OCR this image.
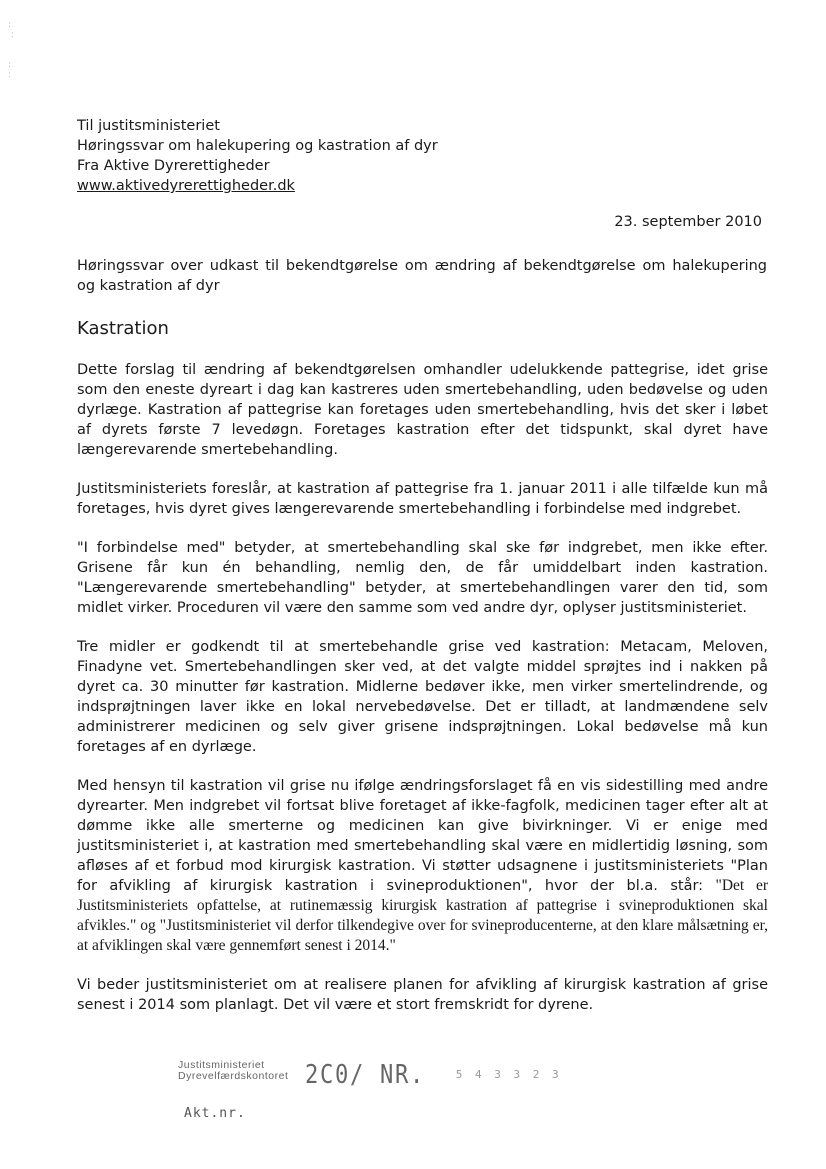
:
:

:
:
Til justitsministeriet
Høringssvar om halekupering og kastration af dyr
Fra Aktive Dyrerettigheder
www.aktivedyrerettigheder.dk
23. september 2010
Høringssvar over udkast til bekendtgørelse om ændring af bekendtgørelse om halekupering og kastration af dyr
Kastration

Dette forslag til ændring af bekendtgørelsen omhandler udelukkende pattegrise, idet grise som den eneste dyreart i dag kan kastreres uden smertebehandling, uden bedøvelse og uden dyrlæge. Kastration af pattegrise kan foretages uden smertebehandling, hvis det sker i løbet af dyrets første 7 levedøgn. Foretages kastration efter det tidspunkt, skal dyret have længerevarende smertebehandling.

Justitsministeriets foreslår, at kastration af pattegrise fra 1. januar 2011 i alle tilfælde kun må foretages, hvis dyret gives længerevarende smertebehandling i forbindelse med indgrebet.

"I forbindelse med" betyder, at smertebehandling skal ske før indgrebet, men ikke efter. Grisene får kun én behandling, nemlig den, de får umiddelbart inden kastration. "Længerevarende smertebehandling" betyder, at smertebehandlingen varer den tid, som midlet virker. Proceduren vil være den samme som ved andre dyr, oplyser justitsministeriet.

Tre midler er godkendt til at smertebehandle grise ved kastration: Metacam, Meloven, Finadyne vet. Smertebehandlingen sker ved, at det valgte middel sprøjtes ind i nakken på dyret ca. 30 minutter før kastration. Midlerne bedøver ikke, men virker smertelindrende, og indsprøjtningen laver ikke en lokal nervebedøvelse. Det er tilladt, at landmændene selv administrerer medicinen og selv giver grisene indsprøjtningen. Lokal bedøvelse må kun foretages af en dyrlæge.

Med hensyn til kastration vil grise nu ifølge ændringsforslaget få en vis sidestilling med andre dyrearter. Men indgrebet vil fortsat blive foretaget af ikke-fagfolk, medicinen tager efter alt at dømme ikke alle smerterne og medicinen kan give bivirkninger. Vi er enige med justitsministeriet i, at kastration med smertebehandling skal være en midlertidig løsning, som afløses af et forbud mod kirurgisk kastration. Vi støtter udsagnene i justitsministeriets "Plan for afvikling af kirurgisk kastration i svineproduktionen", hvor der bl.a. står: "Det er Justitsministeriets opfattelse, at rutinemæssig kirurgisk kastration af pattegrise i svineproduktionen skal afvikles." og "Justitsministeriet vil derfor tilkendegive over for svineproducenterne, at den klare målsætning er, at afviklingen skal være gennemført senest i 2014."

Vi beder justitsministeriet om at realisere planen for afvikling af kirurgisk kastration af grise senest i 2014 som planlagt. Det vil være et stort fremskridt for dyrene.

Justitsministeriet
Dyrevelfærdskontoret 2C0/ NR.	5 4 3 3 2 3
Akt.nr.
